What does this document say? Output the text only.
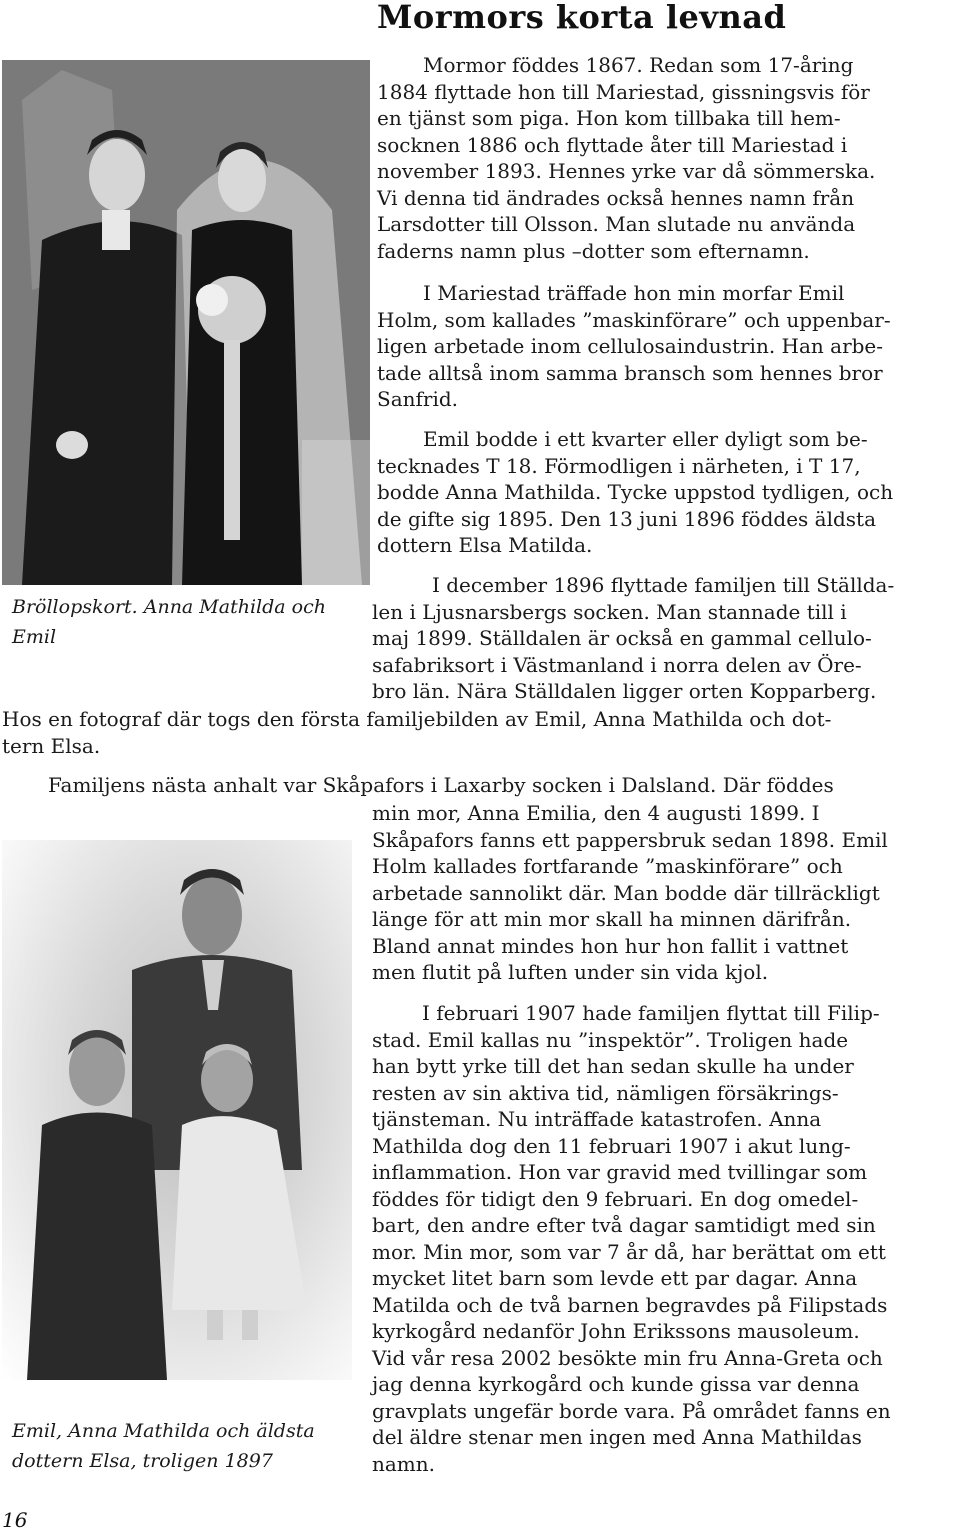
Mormors korta levnad
Bröllopskort. Anna Mathilda och
Emil
Emil, Anna Mathilda och äldsta
dottern Elsa, troligen 1897
Mormor föddes 1867. Redan som 17-åring
1884 flyttade hon till Mariestad, gissningsvis för
en tjänst som piga. Hon kom tillbaka till hem-
socknen 1886 och flyttade åter till Mariestad i
november 1893. Hennes yrke var då sömmerska.
Vi denna tid ändrades också hennes namn från
Larsdotter till Olsson. Man slutade nu använda
faderns namn plus –dotter som efternamn.
I Mariestad träffade hon min morfar Emil
Holm, som kallades ”maskinförare” och uppenbar-
ligen arbetade inom cellulosaindustrin. Han arbe-
tade alltså inom samma bransch som hennes bror
Sanfrid.
Emil bodde i ett kvarter eller dyligt som be-
tecknades T 18. Förmodligen i närheten, i T 17,
bodde Anna Mathilda. Tycke uppstod tydligen, och
de gifte sig 1895. Den 13 juni 1896 föddes äldsta
dottern Elsa Matilda.
I december 1896 flyttade familjen till Ställda-
len i Ljusnarsbergs socken. Man stannade till i
maj 1899. Ställdalen är också en gammal cellulo-
safabriksort i Västmanland i norra delen av Öre-
bro län. Nära Ställdalen ligger orten Kopparberg.
Hos en fotograf där togs den första familjebilden av Emil, Anna Mathilda och dot-
tern Elsa.
Familjens nästa anhalt var Skåpafors i Laxarby socken i Dalsland. Där föddes
min mor, Anna Emilia, den 4 augusti 1899. I
Skåpafors fanns ett pappersbruk sedan 1898. Emil
Holm kallades fortfarande ”maskinförare” och
arbetade sannolikt där. Man bodde där tillräckligt
länge för att min mor skall ha minnen därifrån.
Bland annat mindes hon hur hon fallit i vattnet
men flutit på luften under sin vida kjol.
I februari 1907 hade familjen flyttat till Filip-
stad. Emil kallas nu ”inspektör”. Troligen hade
han bytt yrke till det han sedan skulle ha under
resten av sin aktiva tid, nämligen försäkrings-
tjänsteman. Nu inträffade katastrofen. Anna
Mathilda dog den 11 februari 1907 i akut lung-
inflammation. Hon var gravid med tvillingar som
föddes för tidigt den 9 februari. En dog omedel-
bart, den andre efter två dagar samtidigt med sin
mor. Min mor, som var 7 år då, har berättat om ett
mycket litet barn som levde ett par dagar. Anna
Matilda och de två barnen begravdes på Filipstads
kyrkogård nedanför John Erikssons mausoleum.
Vid vår resa 2002 besökte min fru Anna-Greta och
jag denna kyrkogård och kunde gissa var denna
gravplats ungefär borde vara. På området fanns en
del äldre stenar men ingen med Anna Mathildas
namn.
16
